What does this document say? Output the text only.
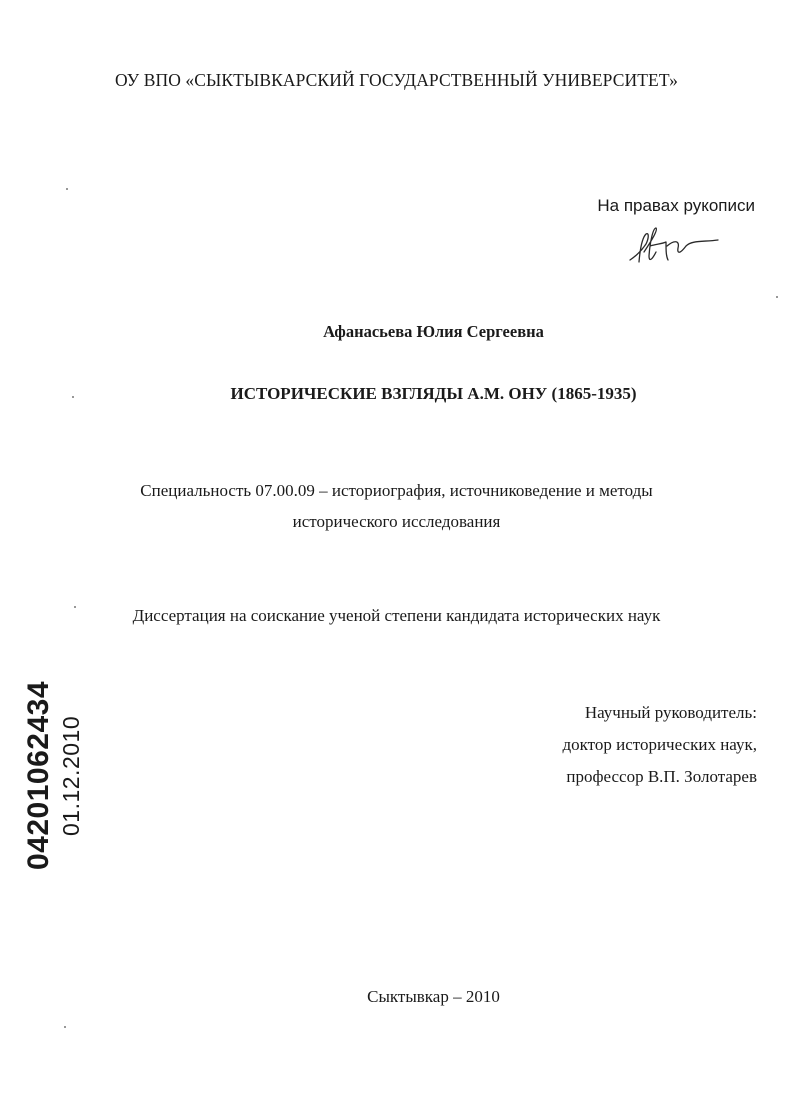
ОУ ВПО «СЫКТЫВКАРСКИЙ ГОСУДАРСТВЕННЫЙ УНИВЕРСИТЕТ»
На правах рукописи
Афанасьева Юлия Сергеевна
ИСТОРИЧЕСКИЕ ВЗГЛЯДЫ А.М. ОНУ (1865-1935)
Специальность 07.00.09 – историография, источниковедение и методы
исторического исследования
Диссертация на соискание ученой степени кандидата исторических наук
Научный руководитель:
доктор исторических наук,
профессор В.П. Золотарев
Сыктывкар – 2010
04201062434 01.12.2010
